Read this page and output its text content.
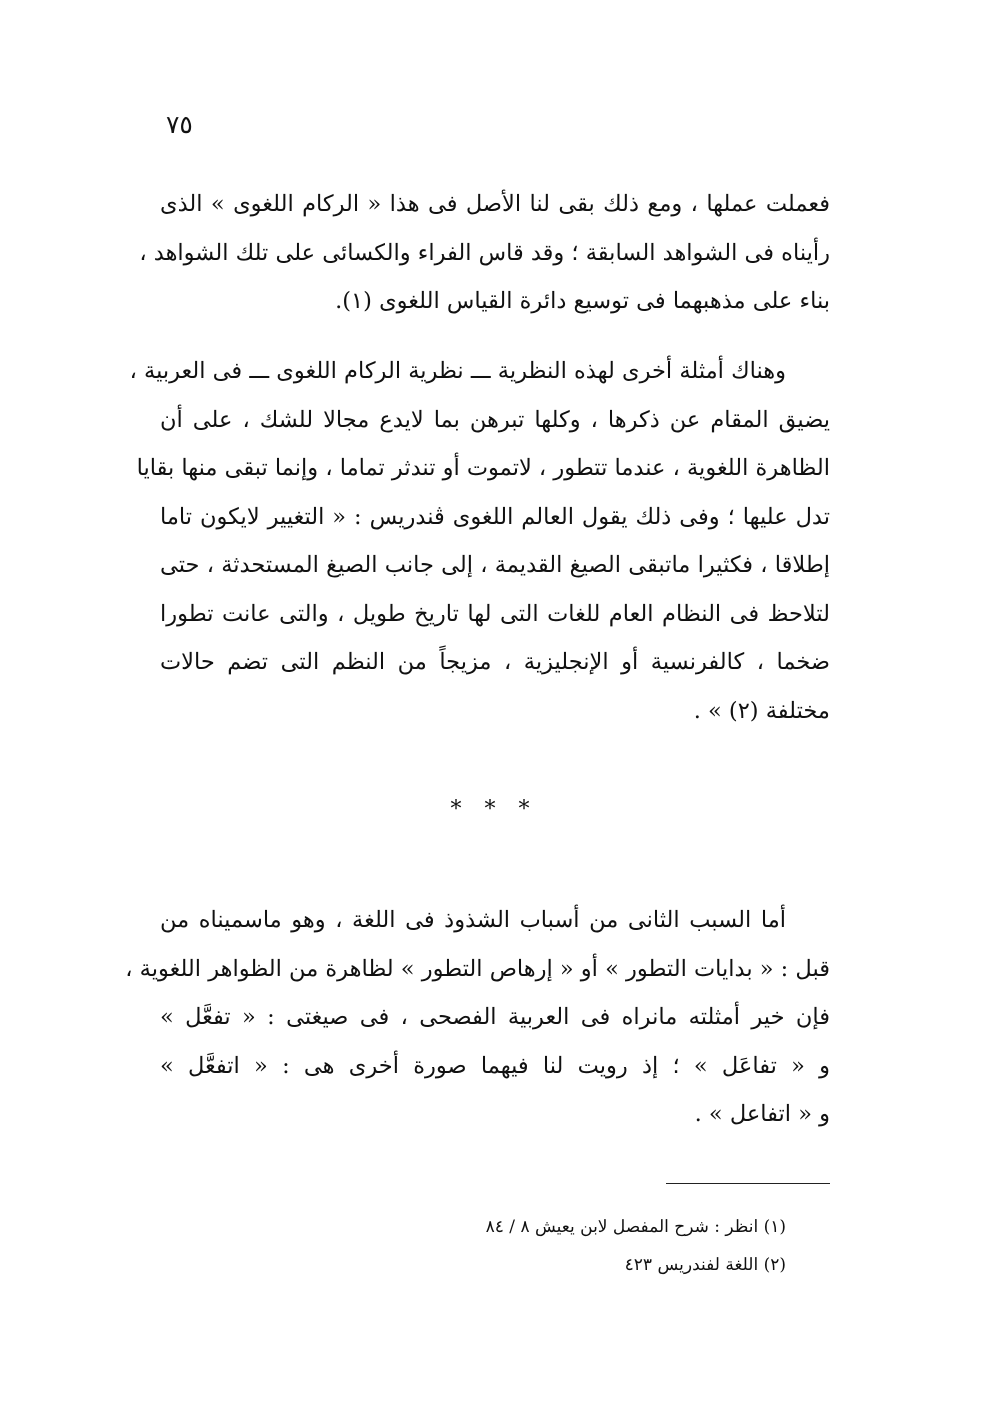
٧٥
فعملت عملها ، ومع ذلك بقى لنا الأصل فى هذا « الركام اللغوى » الذى
رأيناه فى الشواهد السابقة ؛ وقد قاس الفراء والكسائى على تلك الشواهد ،
بناء على مذهبهما فى توسيع دائرة القياس اللغوى (١).
وهناك أمثلة أخرى لهذه النظرية ـــ نظرية الركام اللغوى ـــ فى العربية ،
يضيق المقام عن ذكرها ، وكلها تبرهن بما لايدع مجالا للشك ، على أن
الظاهرة اللغوية ، عندما تتطور ، لاتموت أو تندثر تماما ، وإنما تبقى منها بقايا
تدل عليها ؛ وفى ذلك يقول العالم اللغوى ڤندريس : « التغيير لايكون تاما
إطلاقا ، فكثيرا ماتبقى الصيغ القديمة ، إلى جانب الصيغ المستحدثة ، حتى
لتلاحظ فى النظام العام للغات التى لها تاريخ طويل ، والتى عانت تطورا
ضخما ، كالفرنسية أو الإنجليزية ، مزيجاً من النظم التى تضم حالات
مختلفة (٢) » .
* * *
أما السبب الثانى من أسباب الشذوذ فى اللغة ، وهو ماسميناه من
قبل : « بدايات التطور » أو « إرهاص التطور » لظاهرة من الظواهر اللغوية ،
فإن خير أمثلته مانراه فى العربية الفصحى ، فى صيغتى : « تفعَّل »
و « تفاعَل » ؛ إذ رويت لنا فيهما صورة أخرى هى : « اتفعَّل »
و « اتفاعل » .
(١) انظر : شرح المفصل لابن يعيش ٨ / ٨٤
(٢) اللغة لفندريس ٤٢٣
